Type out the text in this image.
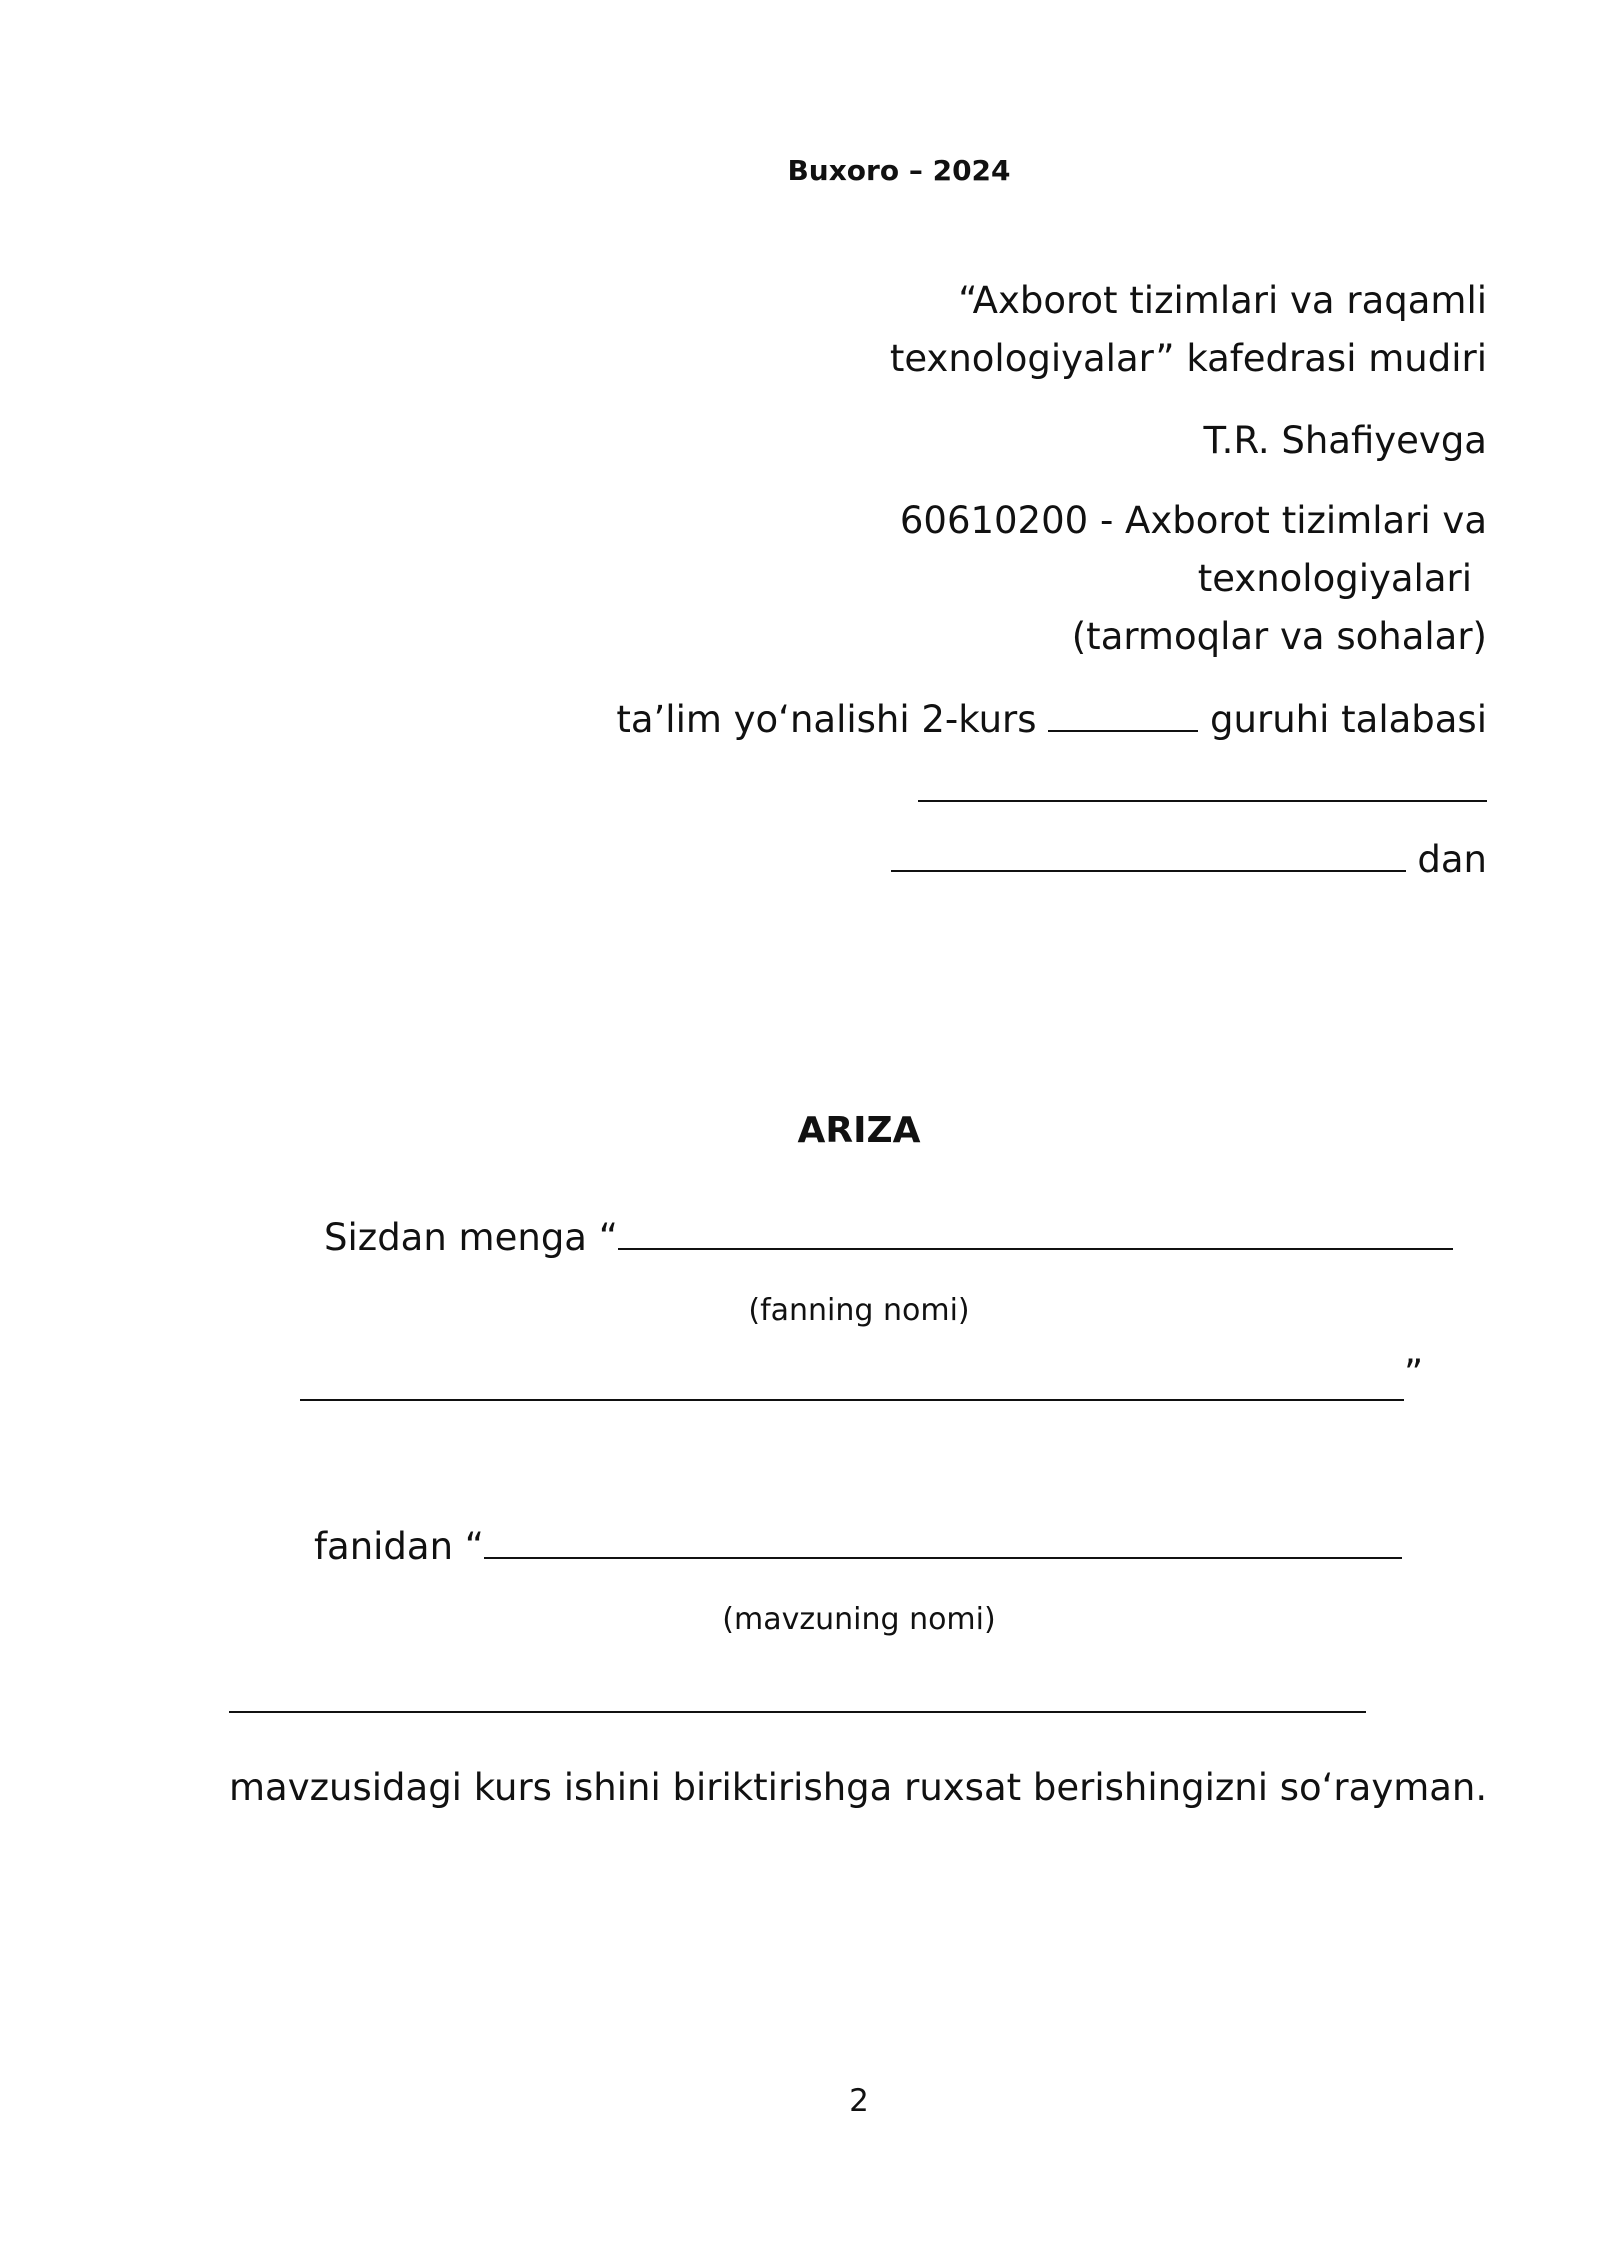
Buxoro – 2024
“Axborot tizimlari va raqamli
texnologiyalar” kafedrasi mudiri
T.R. Shafiyevga
60610200 - Axborot tizimlari va
texnologiyalari
(tarmoqlar va sohalar)
ta’lim yo‘nalishi 2-kurs	guruhi talabasi
dan
ARIZA
Sizdan menga “
(fanning nomi)
”
fanidan “
(mavzuning nomi)
mavzusidagi kurs ishini biriktirishga ruxsat berishingizni so‘rayman.
2
